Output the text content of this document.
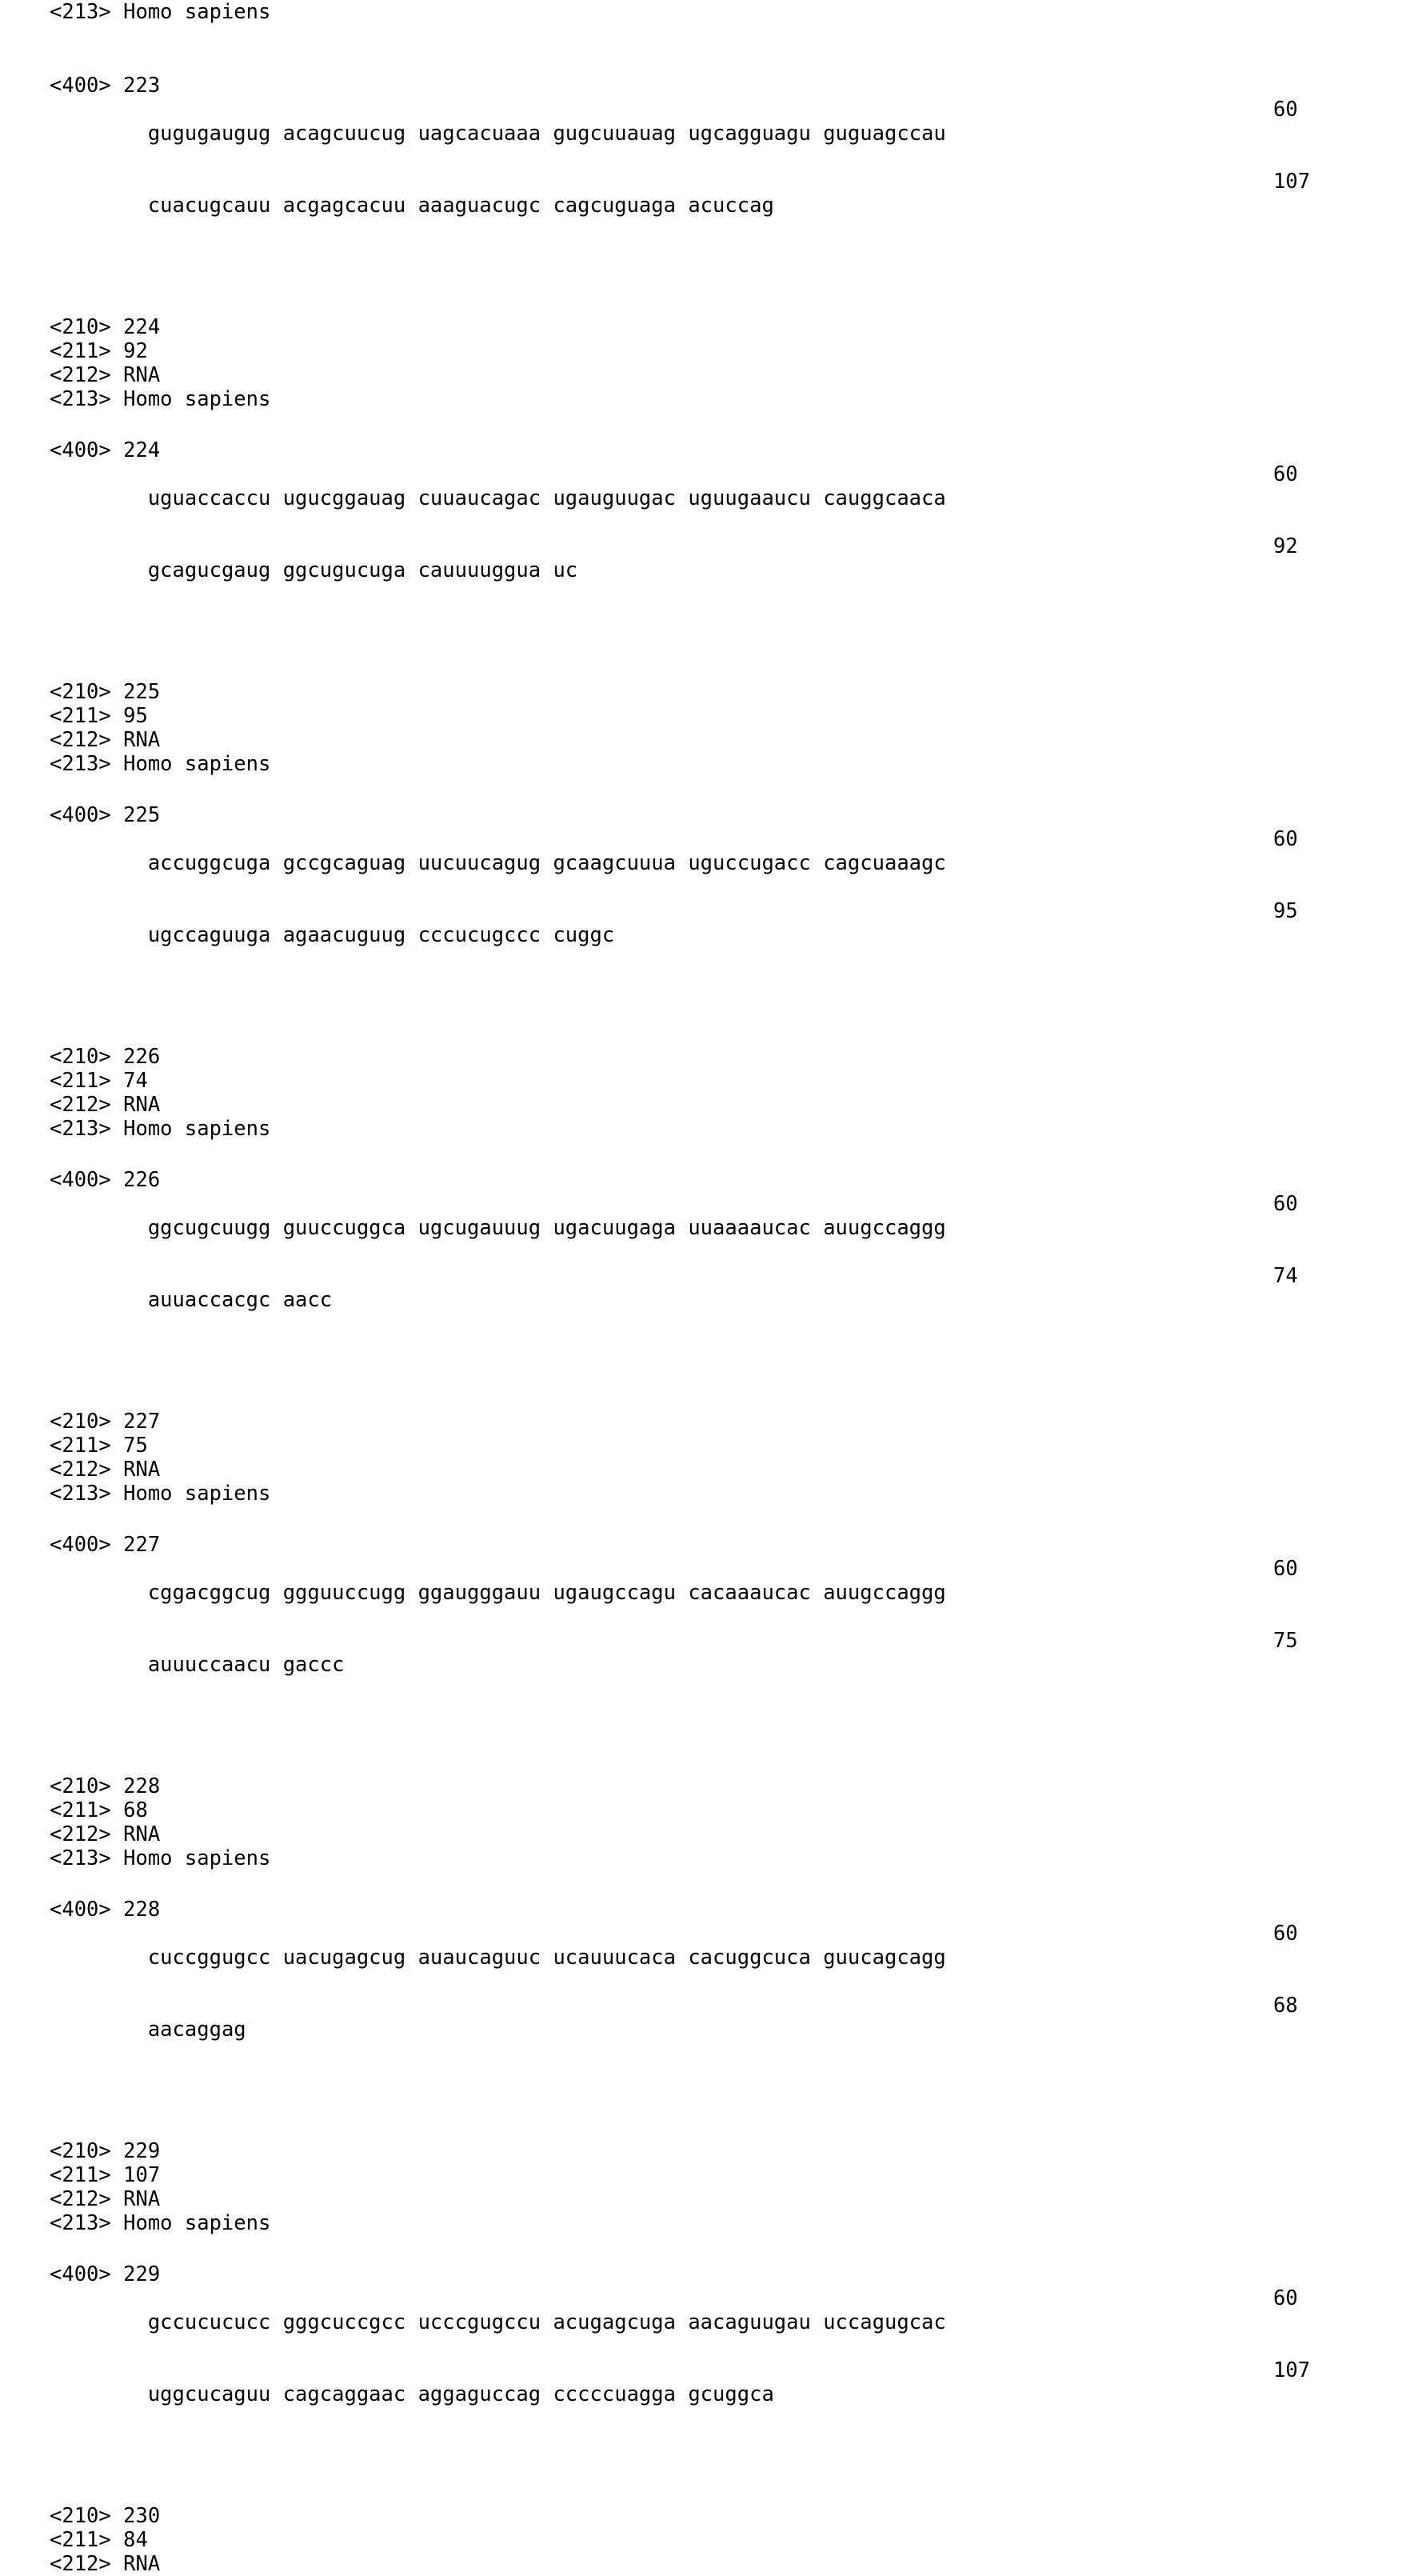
<213> Homo sapiens
<400> 223

gugugaugug acagcuucug uagcacuaaa gugcuuauag ugcagguagu guguagccau
60

cuacugcauu acgagcacuu aaaguacugc cagcuguaga acuccag
107

<210> 224
<211> 92
<212> RNA
<213> Homo sapiens
<400> 224

uguaccaccu ugucggauag cuuaucagac ugauguugac uguugaaucu cauggcaaca
60

gcagucgaug ggcugucuga cauuuuggua uc
92

<210> 225
<211> 95
<212> RNA
<213> Homo sapiens
<400> 225

accuggcuga gccgcaguag uucuucagug gcaagcuuua uguccugacc cagcuaaagc
60

ugccaguuga agaacuguug cccucugccc cuggc
95

<210> 226
<211> 74
<212> RNA
<213> Homo sapiens
<400> 226

ggcugcuugg guuccuggca ugcugauuug ugacuugaga uuaaaaucac auugccaggg
60

auuaccacgc aacc
74

<210> 227
<211> 75
<212> RNA
<213> Homo sapiens
<400> 227

cggacggcug ggguuccugg ggaugggauu ugaugccagu cacaaaucac auugccaggg
60

auuuccaacu gaccc
75

<210> 228
<211> 68
<212> RNA
<213> Homo sapiens
<400> 228

cuccggugcc uacugagcug auaucaguuc ucauuucaca cacuggcuca guucagcagg
60

aacaggag
68

<210> 229
<211> 107
<212> RNA
<213> Homo sapiens
<400> 229

gccucucucc gggcuccgcc ucccgugccu acugagcuga aacaguugau uccagugcac
60

uggcucaguu cagcaggaac aggaguccag cccccuagga gcuggca
107

<210> 230
<211> 84
<212> RNA
